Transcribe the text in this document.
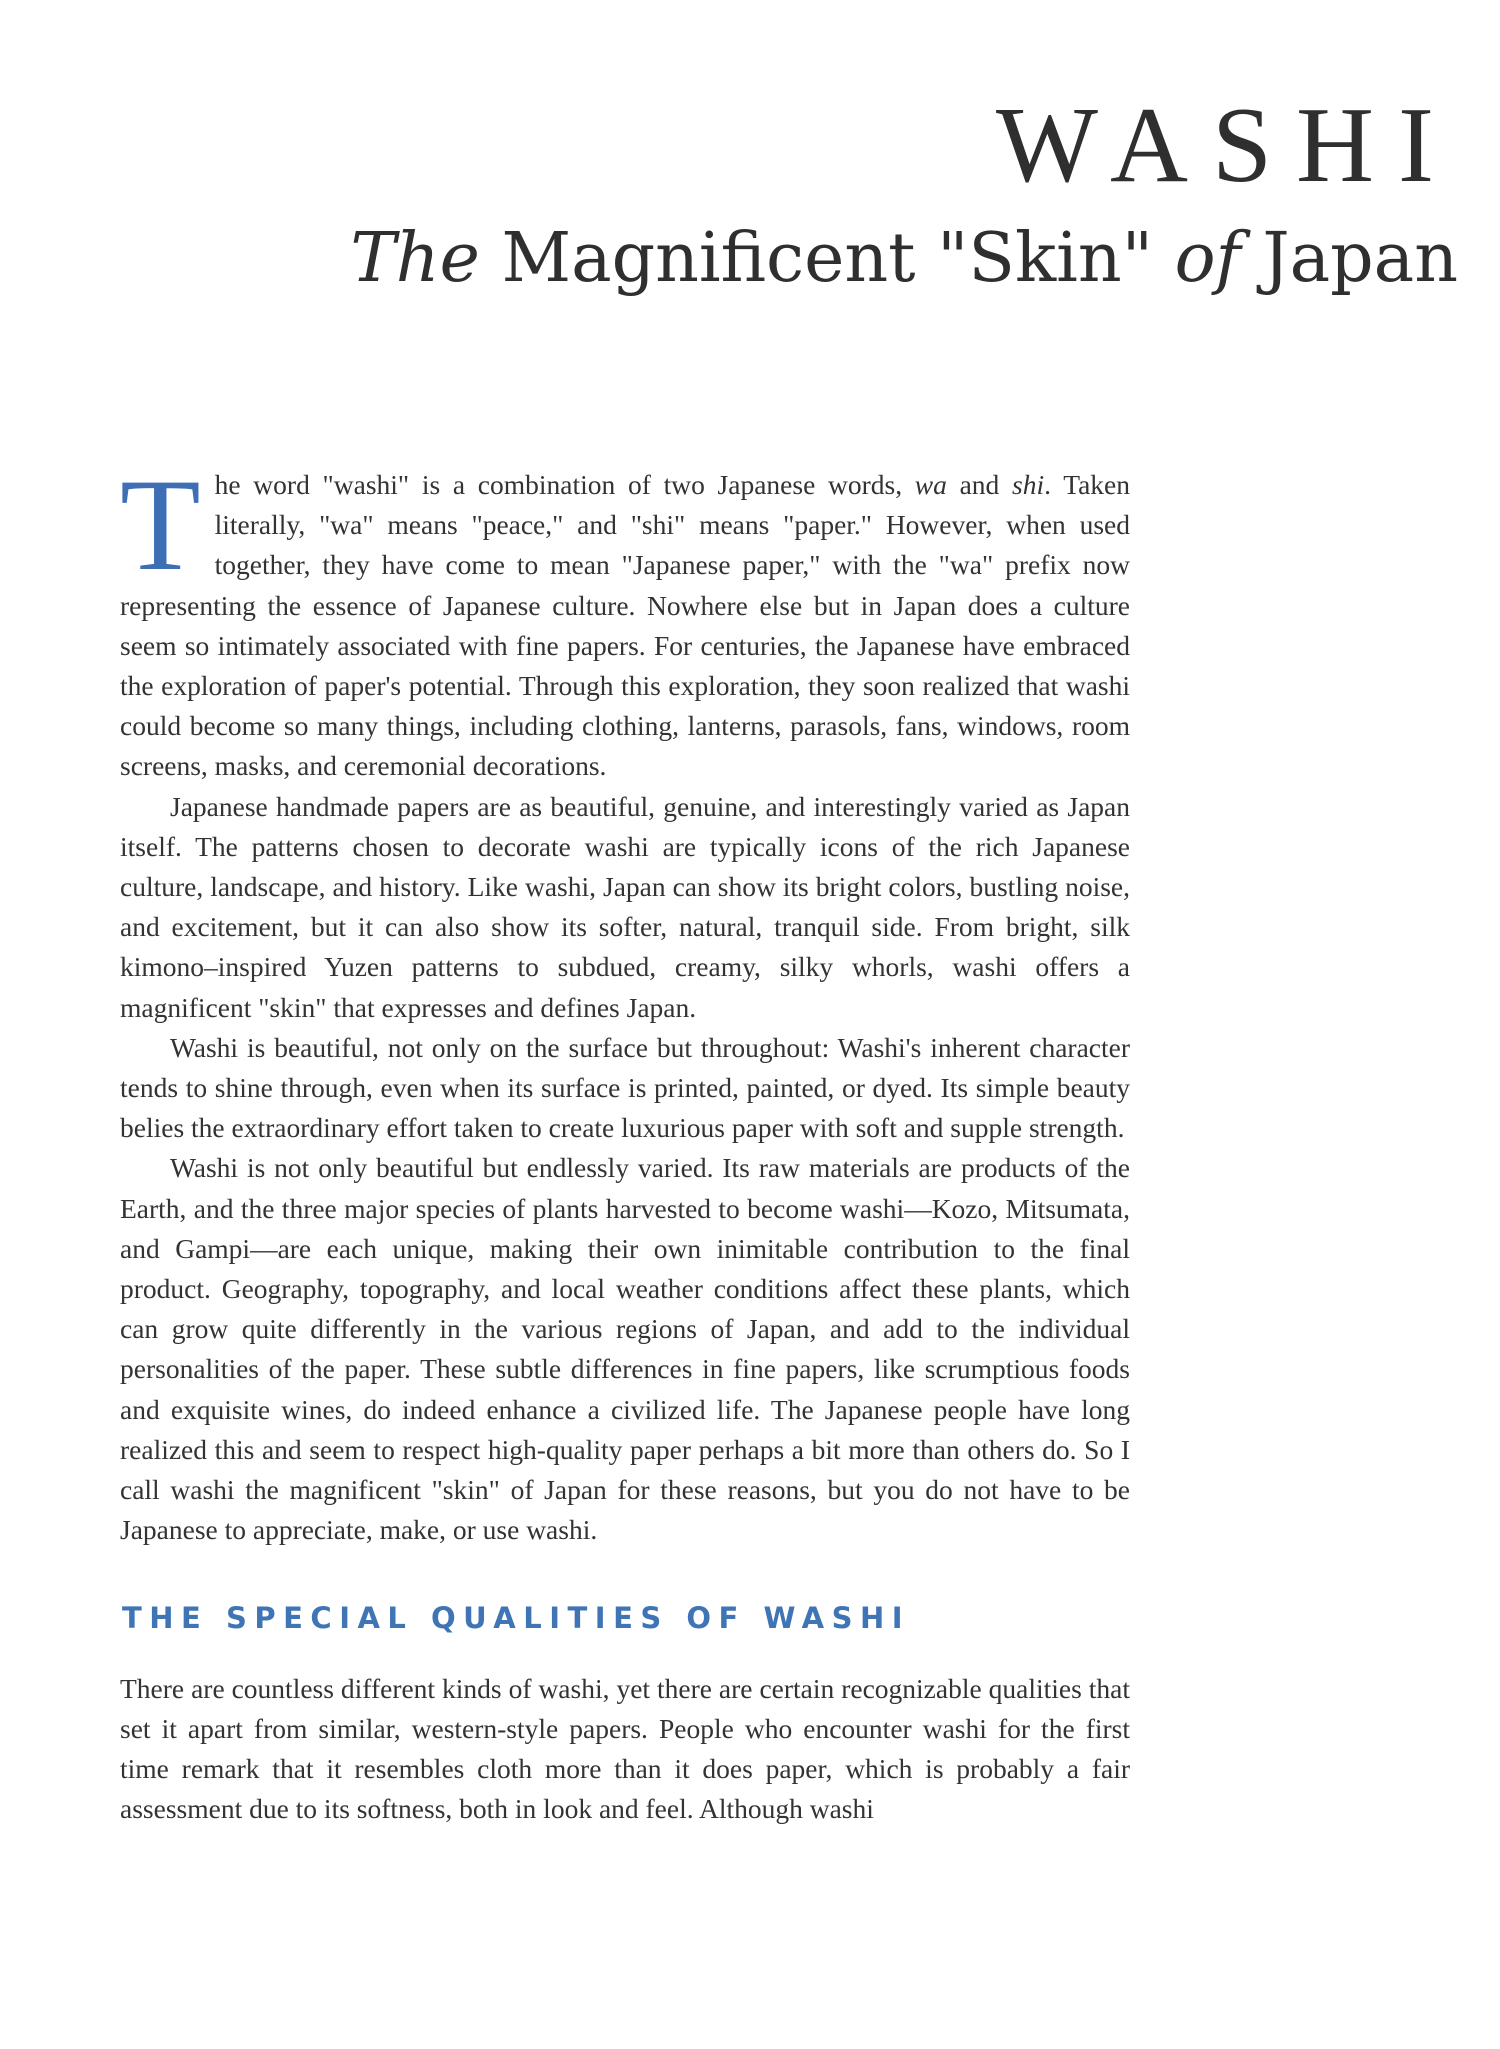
WASHI
The Magnificent "Skin" of Japan

The word "washi" is a combination of two Japanese words, wa and shi. Taken literally, "wa" means "peace," and "shi" means "paper." However, when used together, they have come to mean "Japanese paper," with the "wa" prefix now representing the essence of Japanese culture. Nowhere else but in Japan does a culture seem so intimately associated with fine papers. For centuries, the Japanese have embraced the exploration of paper's potential. Through this exploration, they soon realized that washi could become so many things, including clothing, lanterns, parasols, fans, windows, room screens, masks, and ceremonial decorations.

Japanese handmade papers are as beautiful, genuine, and interestingly varied as Japan itself. The patterns chosen to decorate washi are typically icons of the rich Japanese culture, landscape, and history. Like washi, Japan can show its bright colors, bustling noise, and excitement, but it can also show its softer, natural, tranquil side. From bright, silk kimono–inspired Yuzen patterns to subdued, creamy, silky whorls, washi offers a magnificent "skin" that expresses and defines Japan.

Washi is beautiful, not only on the surface but throughout: Washi's inherent character tends to shine through, even when its surface is printed, painted, or dyed. Its simple beauty belies the extraordinary effort taken to create luxurious paper with soft and supple strength.

Washi is not only beautiful but endlessly varied. Its raw materials are products of the Earth, and the three major species of plants harvested to become washi—Kozo, Mitsumata, and Gampi—are each unique, making their own inimitable contribution to the final product. Geography, topography, and local weather conditions affect these plants, which can grow quite differently in the various regions of Japan, and add to the individual personalities of the paper. These subtle differences in fine papers, like scrumptious foods and exquisite wines, do indeed enhance a civilized life. The Japanese people have long realized this and seem to respect high-quality paper perhaps a bit more than others do. So I call washi the magnificent "skin" of Japan for these reasons, but you do not have to be Japanese to appreciate, make, or use washi.

THE SPECIAL QUALITIES OF WASHI

There are countless different kinds of washi, yet there are certain recognizable qualities that set it apart from similar, western-style papers. People who encounter washi for the first time remark that it resembles cloth more than it does paper, which is probably a fair assessment due to its softness, both in look and feel. Although washi
